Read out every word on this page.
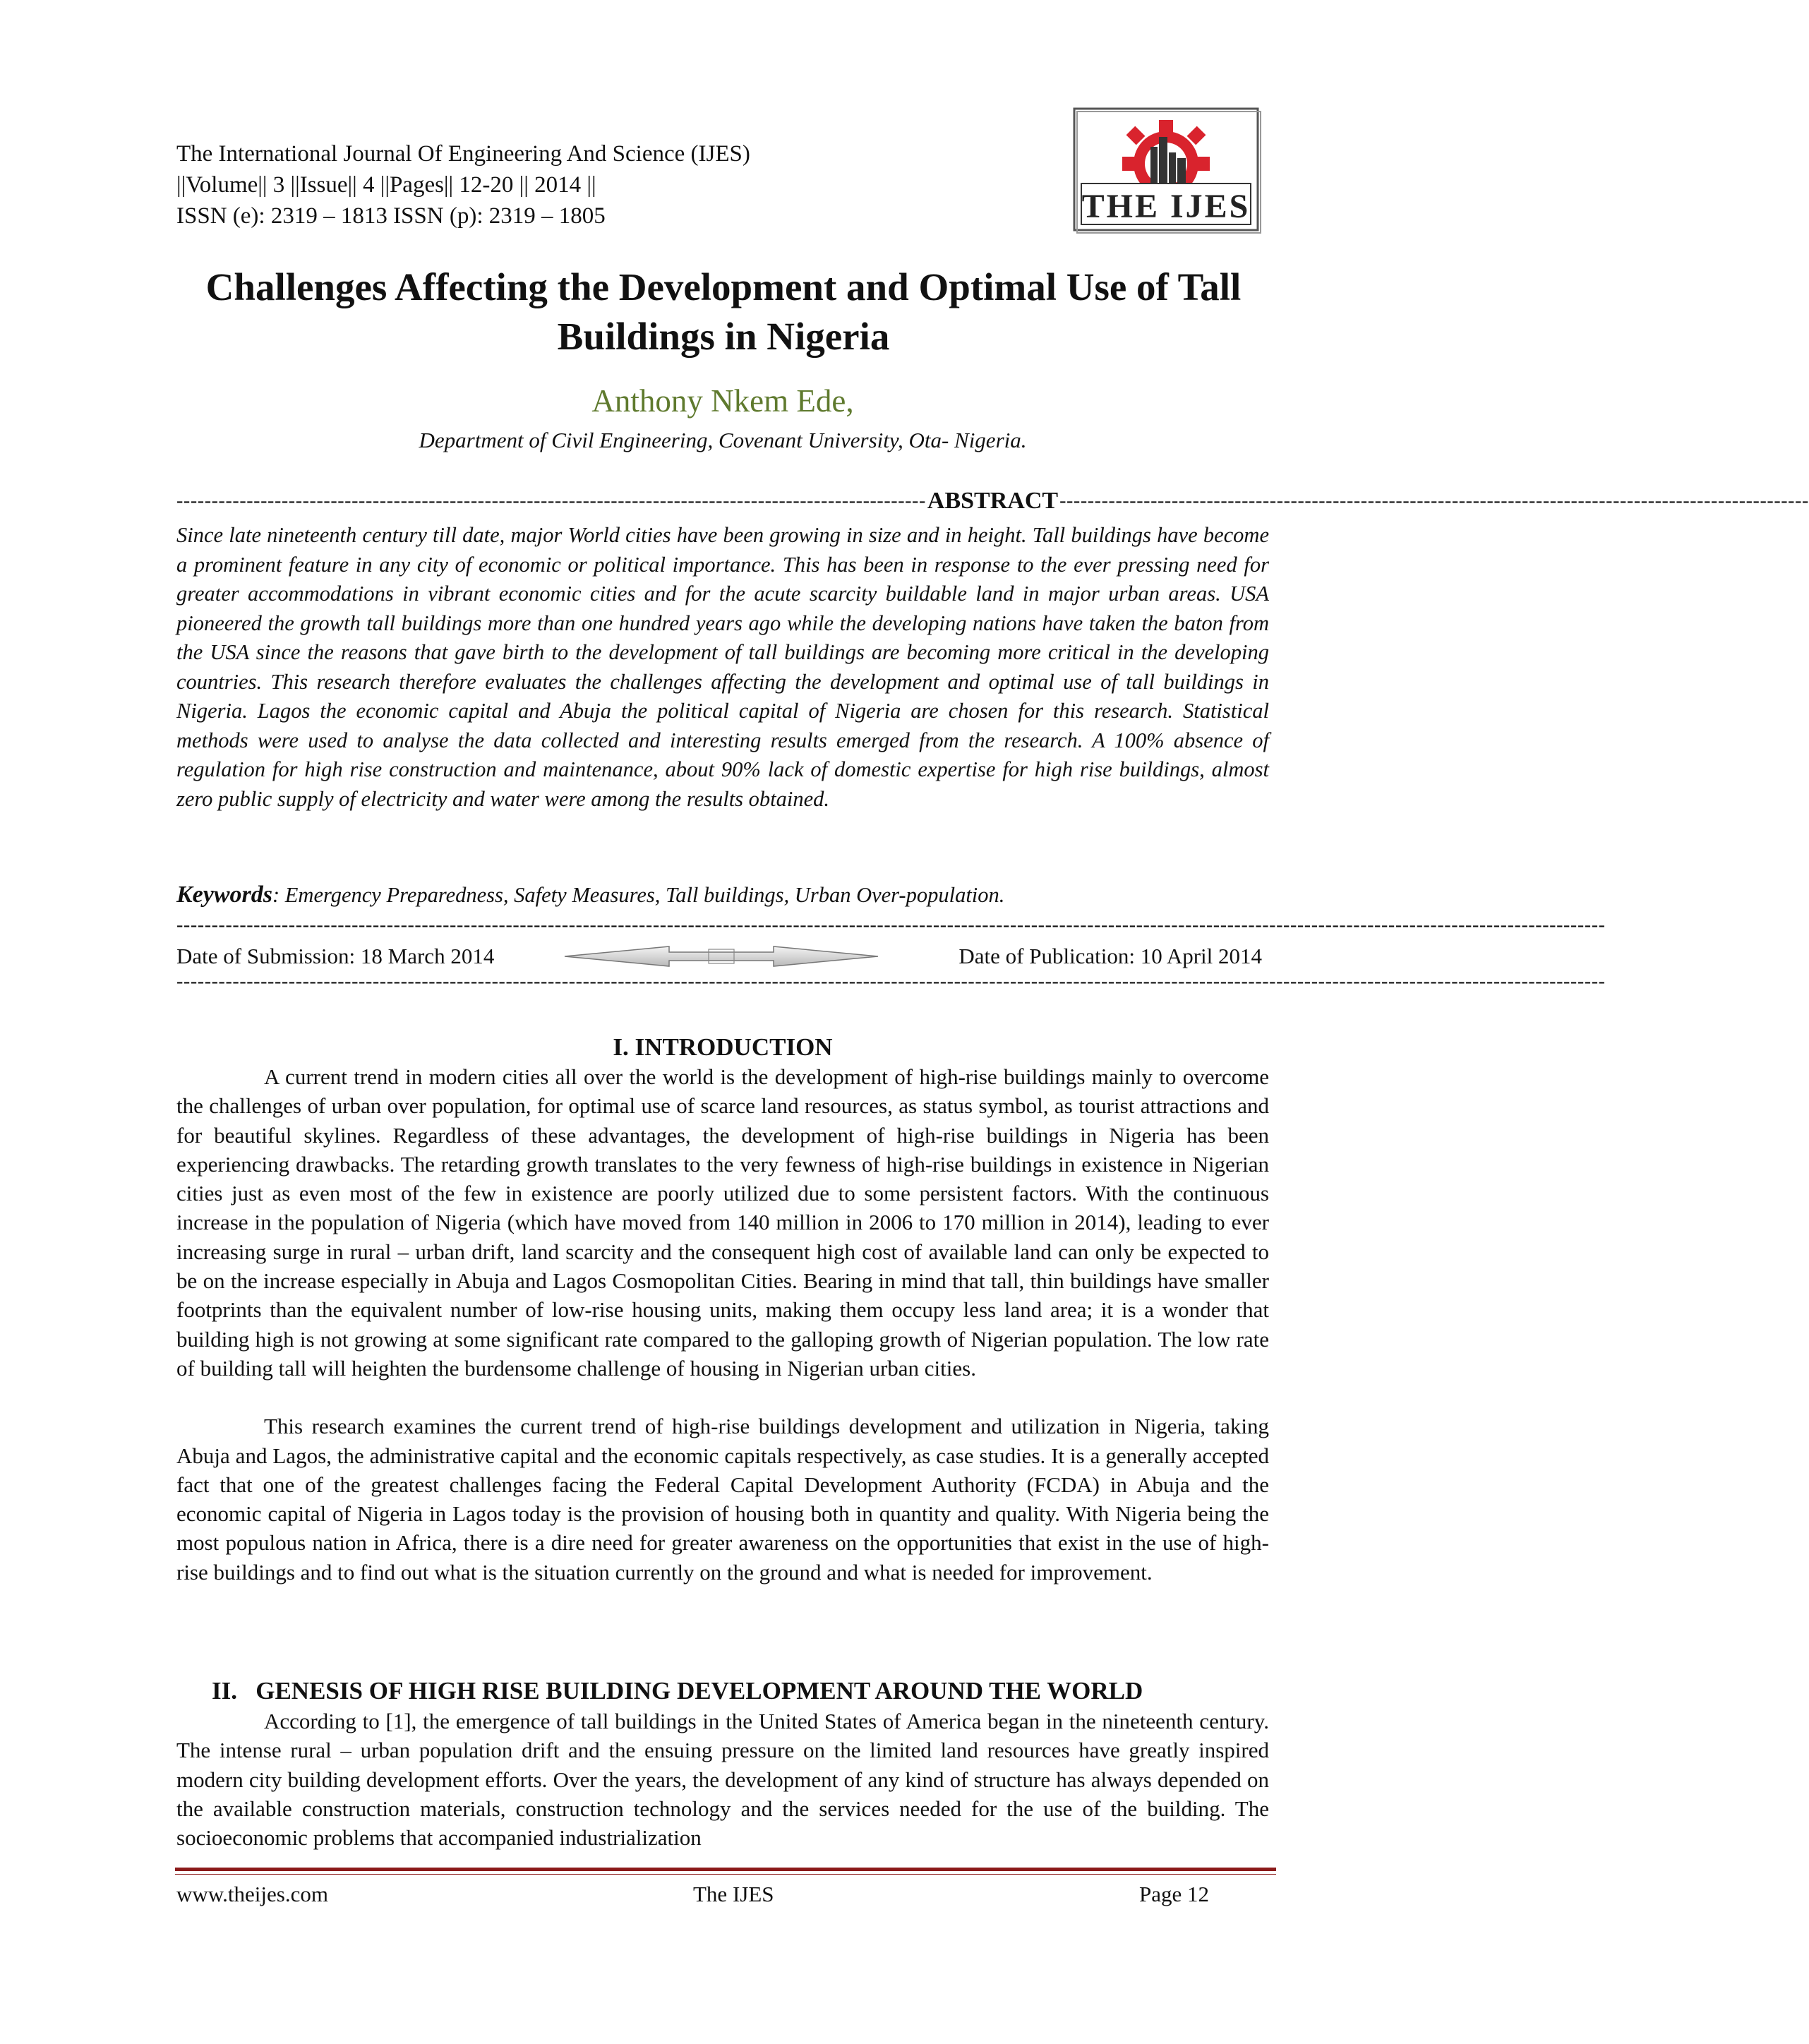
The International Journal Of Engineering And Science (IJES)
||Volume|| 3 ||Issue|| 4 ||Pages|| 12-20 || 2014 ||
ISSN (e): 2319 – 1813 ISSN (p): 2319 – 1805	THE IJES
Challenges Affecting the Development and Optimal Use of Tall
Buildings in Nigeria
Anthony Nkem Ede,
Department of Civil Engineering, Covenant University, Ota- Nigeria.
----------------------------------------------------------------------------------------------------------- ABSTRACT -----------------------------------------------------------------------------------------------------------
Since late nineteenth century till date, major World cities have been growing in size and in height. Tall buildings have become a prominent feature in any city of economic or political importance. This has been in response to the ever pressing need for greater accommodations in vibrant economic cities and for the acute scarcity buildable land in major urban areas. USA pioneered the growth tall buildings more than one hundred years ago while the developing nations have taken the baton from the USA since the reasons that gave birth to the development of tall buildings are becoming more critical in the developing countries. This research therefore evaluates the challenges affecting the development and optimal use of tall buildings in Nigeria. Lagos the economic capital and Abuja the political capital of Nigeria are chosen for this research. Statistical methods were used to analyse the data collected and interesting results emerged from the research. A 100% absence of regulation for high rise construction and maintenance, about 90% lack of domestic expertise for high rise buildings, almost zero public supply of electricity and water were among the results obtained.
Keywords: Emergency Preparedness, Safety Measures, Tall buildings, Urban Over-population.
------------------------------------------------------------------------------------------------------------------------------------------------------------------------------------------------------------
Date of Submission: 18 March 2014	Date of Publication: 10 April 2014
------------------------------------------------------------------------------------------------------------------------------------------------------------------------------------------------------------
I. INTRODUCTION

A current trend in modern cities all over the world is the development of high-rise buildings mainly to overcome the challenges of urban over population, for optimal use of scarce land resources, as status symbol, as tourist attractions and for beautiful skylines. Regardless of these advantages, the development of high-rise buildings in Nigeria has been experiencing drawbacks. The retarding growth translates to the very fewness of high-rise buildings in existence in Nigerian cities just as even most of the few in existence are poorly utilized due to some persistent factors. With the continuous increase in the population of Nigeria (which have moved from 140 million in 2006 to 170 million in 2014), leading to ever increasing surge in rural – urban drift, land scarcity and the consequent high cost of available land can only be expected to be on the increase especially in Abuja and Lagos Cosmopolitan Cities. Bearing in mind that tall, thin buildings have smaller footprints than the equivalent number of low-rise housing units, making them occupy less land area; it is a wonder that building high is not growing at some significant rate compared to the galloping growth of Nigerian population. The low rate of building tall will heighten the burdensome challenge of housing in Nigerian urban cities.

This research examines the current trend of high-rise buildings development and utilization in Nigeria, taking Abuja and Lagos, the administrative capital and the economic capitals respectively, as case studies. It is a generally accepted fact that one of the greatest challenges facing the Federal Capital Development Authority (FCDA) in Abuja and the economic capital of Nigeria in Lagos today is the provision of housing both in quantity and quality. With Nigeria being the most populous nation in Africa, there is a dire need for greater awareness on the opportunities that exist in the use of high-rise buildings and to find out what is the situation currently on the ground and what is needed for improvement.

II.   GENESIS OF HIGH RISE BUILDING DEVELOPMENT AROUND THE WORLD

According to [1], the emergence of tall buildings in the United States of America began in the nineteenth century. The intense rural – urban population drift and the ensuing pressure on the limited land resources have greatly inspired modern city building development efforts. Over the years, the development of any kind of structure has always depended on the available construction materials, construction technology and the services needed for the use of the building. The socioeconomic problems that accompanied industrialization

www.theijes.com	The IJES	Page 12
